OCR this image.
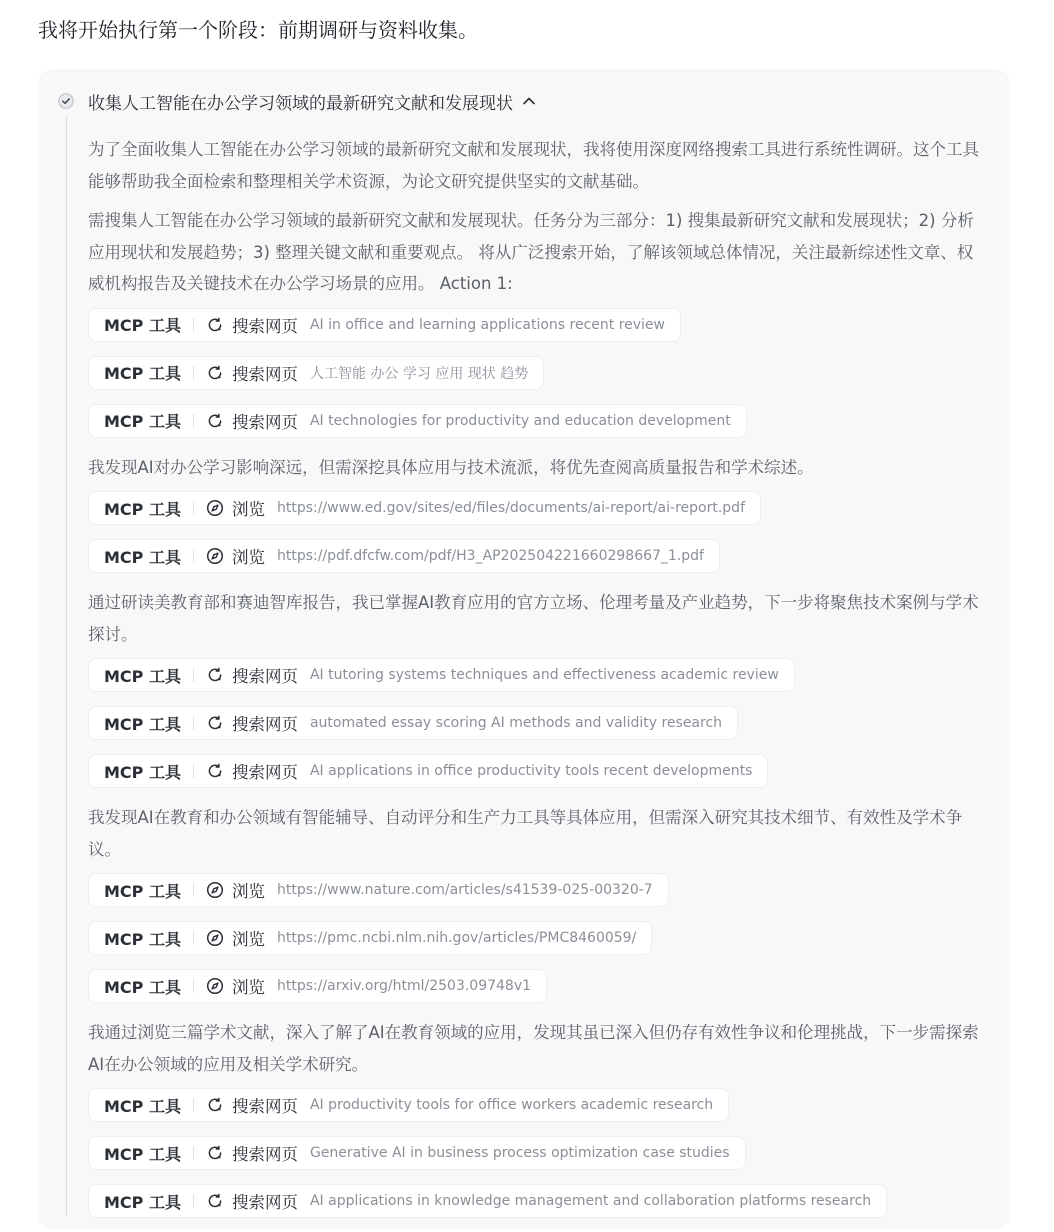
我将开始执行第一个阶段：前期调研与资料收集。
收集人工智能在办公学习领域的最新研究文献和发展现状
为了全面收集人工智能在办公学习领域的最新研究文献和发展现状，我将使用深度网络搜索工具进行系统性调研。这个工具能够帮助我全面检索和整理相关学术资源，为论文研究提供坚实的文献基础。
需搜集人工智能在办公学习领域的最新研究文献和发展现状。任务分为三部分：1) 搜集最新研究文献和发展现状；2) 分析应用现状和发展趋势；3) 整理关键文献和重要观点。 将从广泛搜索开始，了解该领域总体情况，关注最新综述性文章、权威机构报告及关键技术在办公学习场景的应用。 Action 1:
MCP 工具	搜索网页 AI in office and learning applications recent review
MCP 工具	搜索网页 人工智能 办公 学习 应用 现状 趋势
MCP 工具	搜索网页 AI technologies for productivity and education development
我发现AI对办公学习影响深远，但需深挖具体应用与技术流派，将优先查阅高质量报告和学术综述。
MCP 工具	浏览 https://www.ed.gov/sites/ed/files/documents/ai-report/ai-report.pdf
MCP 工具	浏览 https://pdf.dfcfw.com/pdf/H3_AP202504221660298667_1.pdf
通过研读美教育部和赛迪智库报告，我已掌握AI教育应用的官方立场、伦理考量及产业趋势，下一步将聚焦技术案例与学术探讨。
MCP 工具	搜索网页 AI tutoring systems techniques and effectiveness academic review
MCP 工具	搜索网页 automated essay scoring AI methods and validity research
MCP 工具	搜索网页 AI applications in office productivity tools recent developments
我发现AI在教育和办公领域有智能辅导、自动评分和生产力工具等具体应用，但需深入研究其技术细节、有效性及学术争议。
MCP 工具	浏览 https://www.nature.com/articles/s41539-025-00320-7
MCP 工具	浏览 https://pmc.ncbi.nlm.nih.gov/articles/PMC8460059/
MCP 工具	浏览 https://arxiv.org/html/2503.09748v1
我通过浏览三篇学术文献，深入了解了AI在教育领域的应用，发现其虽已深入但仍存有效性争议和伦理挑战，下一步需探索AI在办公领域的应用及相关学术研究。
MCP 工具	搜索网页 AI productivity tools for office workers academic research
MCP 工具	搜索网页 Generative AI in business process optimization case studies
MCP 工具	搜索网页 AI applications in knowledge management and collaboration platforms research
